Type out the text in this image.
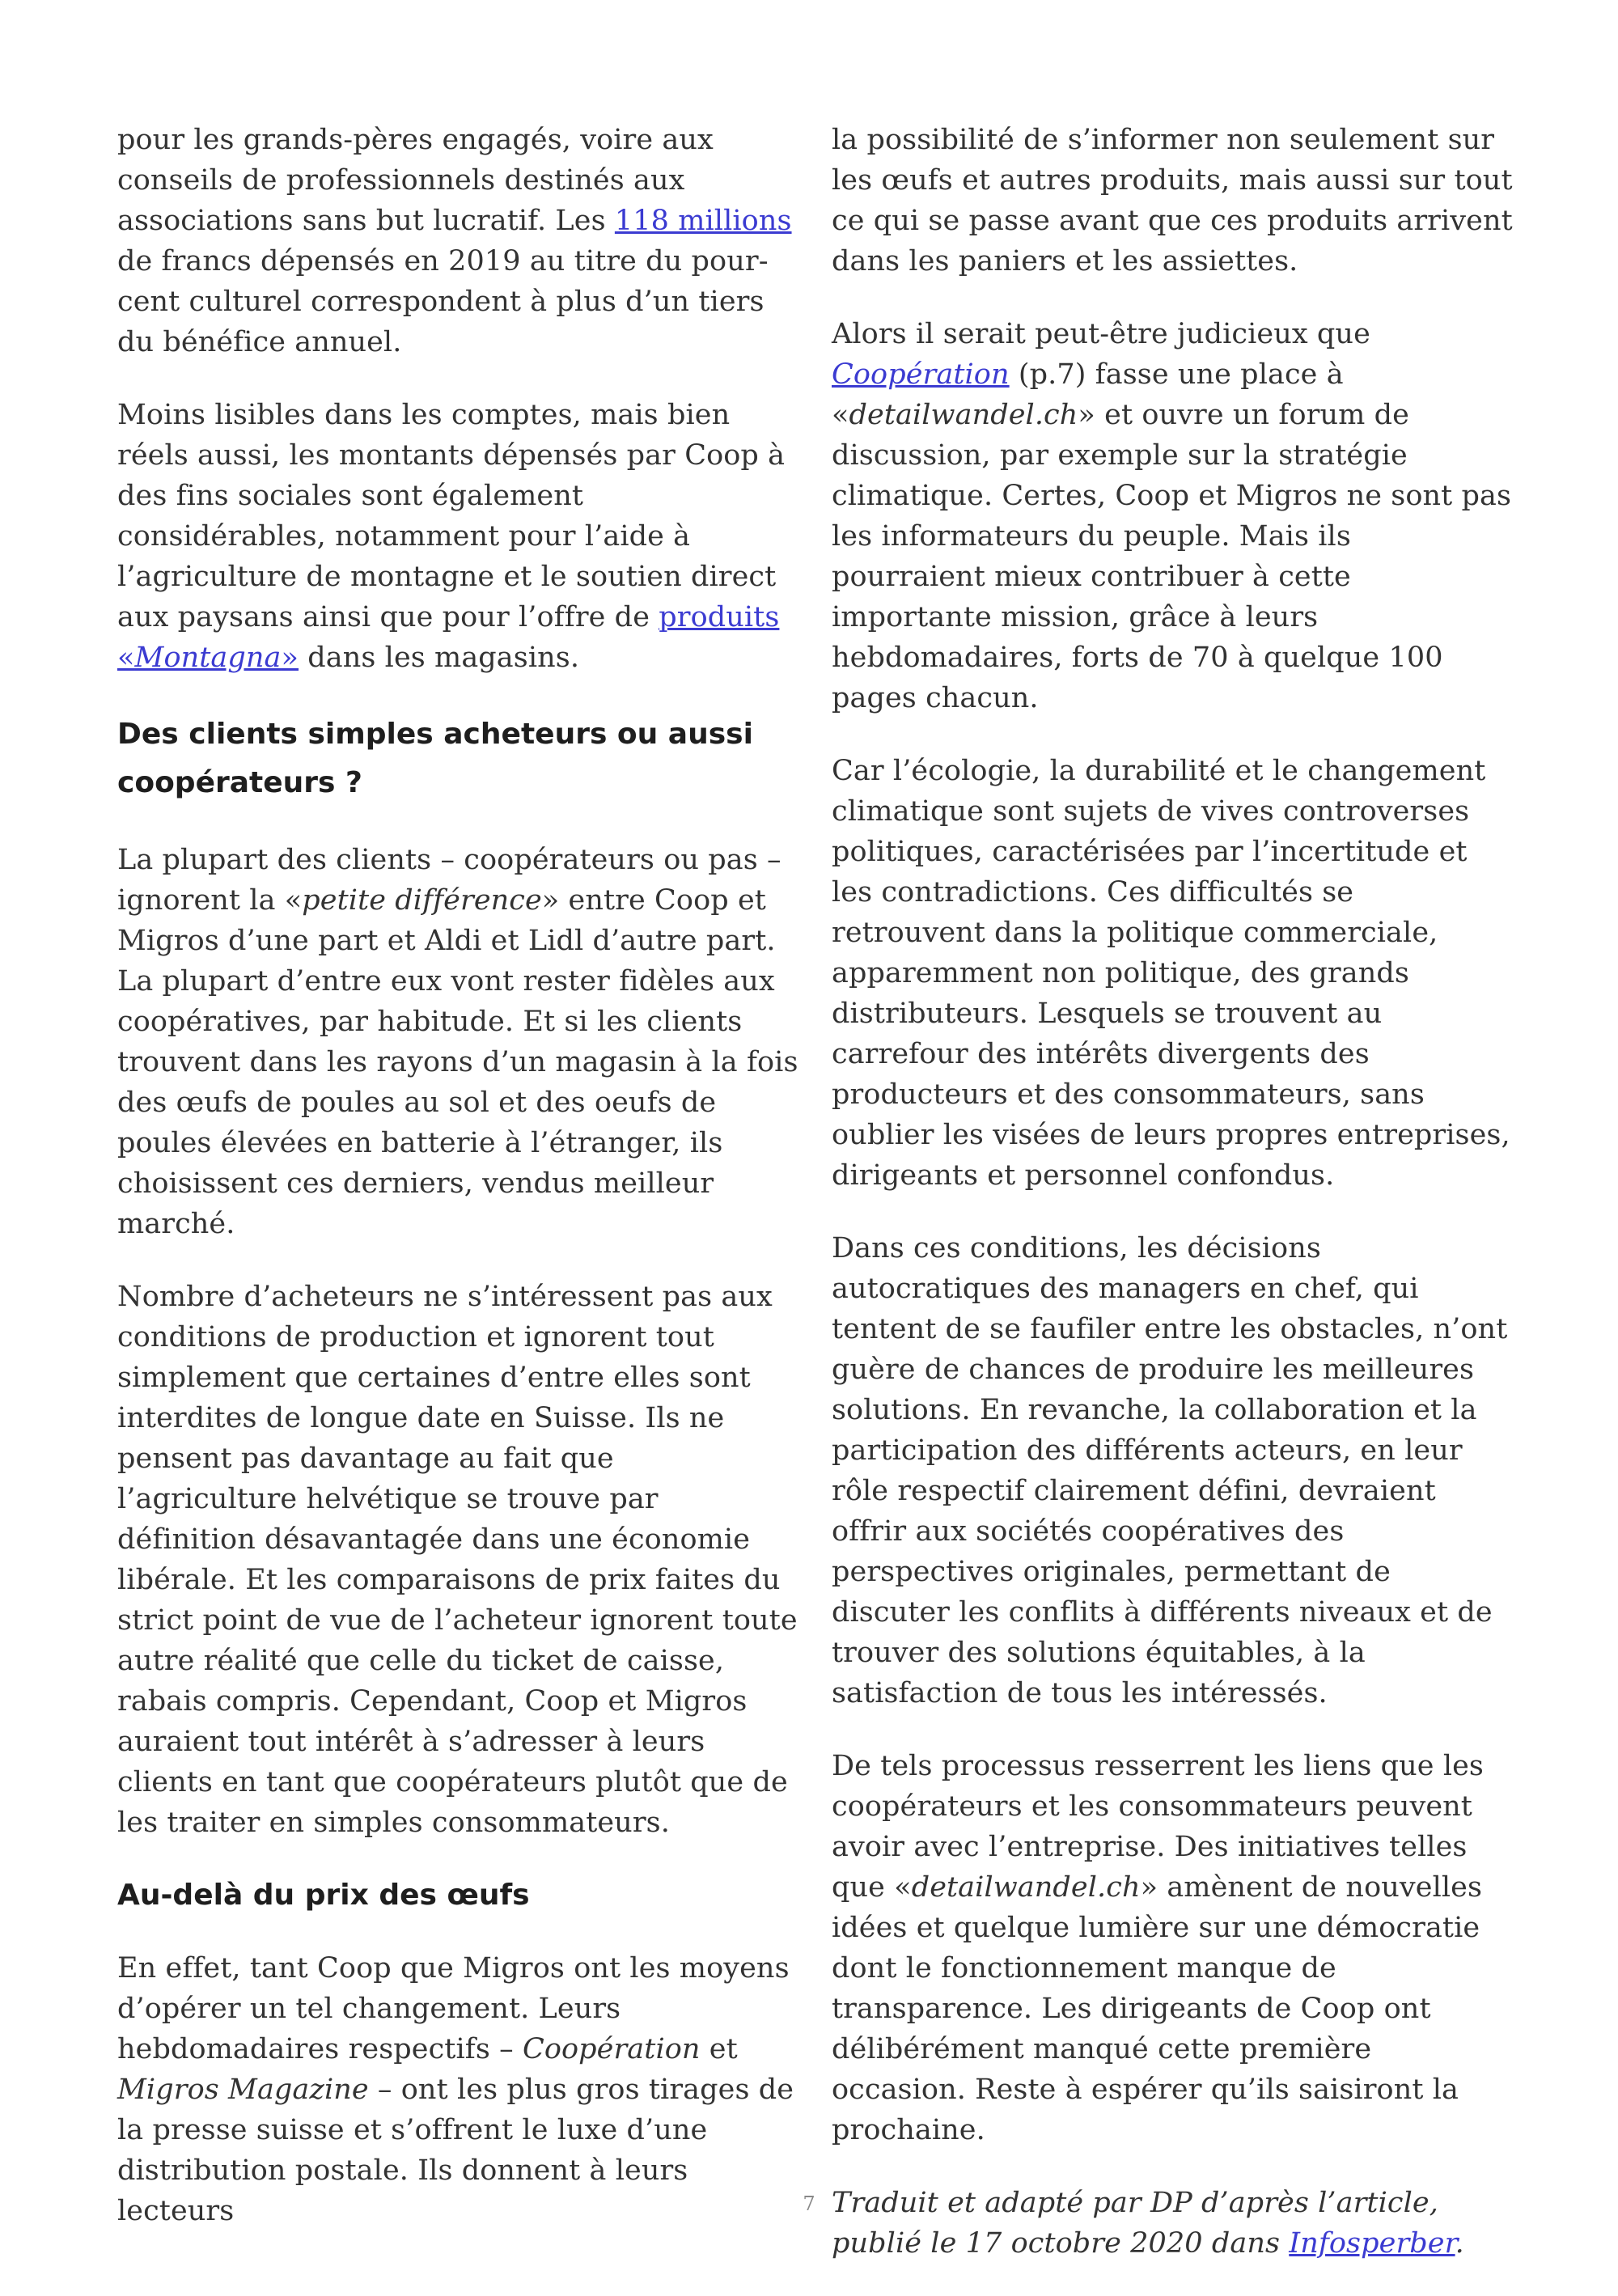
pour les grands-pères engagés, voire aux conseils de professionnels destinés aux associations sans but lucratif. Les 118 millions de francs dépensés en 2019 au titre du pour-cent culturel correspondent à plus d’un tiers du bénéfice annuel.

Moins lisibles dans les comptes, mais bien réels aussi, les montants dépensés par Coop à des fins sociales sont également considérables, notamment pour l’aide à l’agriculture de montagne et le soutien direct aux paysans ainsi que pour l’offre de produits «Montagna» dans les magasins.

Des clients simples acheteurs ou aussi coopérateurs ?

La plupart des clients – coopérateurs ou pas – ignorent la «petite différence» entre Coop et Migros d’une part et Aldi et Lidl d’autre part. La plupart d’entre eux vont rester fidèles aux coopératives, par habitude. Et si les clients trouvent dans les rayons d’un magasin à la fois des œufs de poules au sol et des oeufs de poules élevées en batterie à l’étranger, ils choisissent ces derniers, vendus meilleur marché.

Nombre d’acheteurs ne s’intéressent pas aux conditions de production et ignorent tout simplement que certaines d’entre elles sont interdites de longue date en Suisse. Ils ne pensent pas davantage au fait que l’agriculture helvétique se trouve par définition désavantagée dans une économie libérale. Et les comparaisons de prix faites du strict point de vue de l’acheteur ignorent toute autre réalité que celle du ticket de caisse, rabais compris. Cependant, Coop et Migros auraient tout intérêt à s’adresser à leurs clients en tant que coopérateurs plutôt que de les traiter en simples consommateurs.

Au-delà du prix des œufs

En effet, tant Coop que Migros ont les moyens d’opérer un tel changement. Leurs hebdomadaires respectifs – Coopération et Migros Magazine – ont les plus gros tirages de la presse suisse et s’offrent le luxe d’une distribution postale. Ils donnent à leurs lecteurs

la possibilité de s’informer non seulement sur les œufs et autres produits, mais aussi sur tout ce qui se passe avant que ces produits arrivent dans les paniers et les assiettes.

Alors il serait peut-être judicieux que Coopération (p.7) fasse une place à «detailwandel.ch» et ouvre un forum de discussion, par exemple sur la stratégie climatique. Certes, Coop et Migros ne sont pas les informateurs du peuple. Mais ils pourraient mieux contribuer à cette importante mission, grâce à leurs hebdomadaires, forts de 70 à quelque 100 pages chacun.

Car l’écologie, la durabilité et le changement climatique sont sujets de vives controverses politiques, caractérisées par l’incertitude et les contradictions. Ces difficultés se retrouvent dans la politique commerciale, apparemment non politique, des grands distributeurs. Lesquels se trouvent au carrefour des intérêts divergents des producteurs et des consommateurs, sans oublier les visées de leurs propres entreprises, dirigeants et personnel confondus.

Dans ces conditions, les décisions autocratiques des managers en chef, qui tentent de se faufiler entre les obstacles, n’ont guère de chances de produire les meilleures solutions. En revanche, la collaboration et la participation des différents acteurs, en leur rôle respectif clairement défini, devraient offrir aux sociétés coopératives des perspectives originales, permettant de discuter les conflits à différents niveaux et de trouver des solutions équitables, à la satisfaction de tous les intéressés.

De tels processus resserrent les liens que les coopérateurs et les consommateurs peuvent avoir avec l’entreprise. Des initiatives telles que «detailwandel.ch» amènent de nouvelles idées et quelque lumière sur une démocratie dont le fonctionnement manque de transparence. Les dirigeants de Coop ont délibérément manqué cette première occasion. Reste à espérer qu’ils saisiront la prochaine.

Traduit et adapté par DP d’après l’article, publié le 17 octobre 2020 dans Infosperber.

7
